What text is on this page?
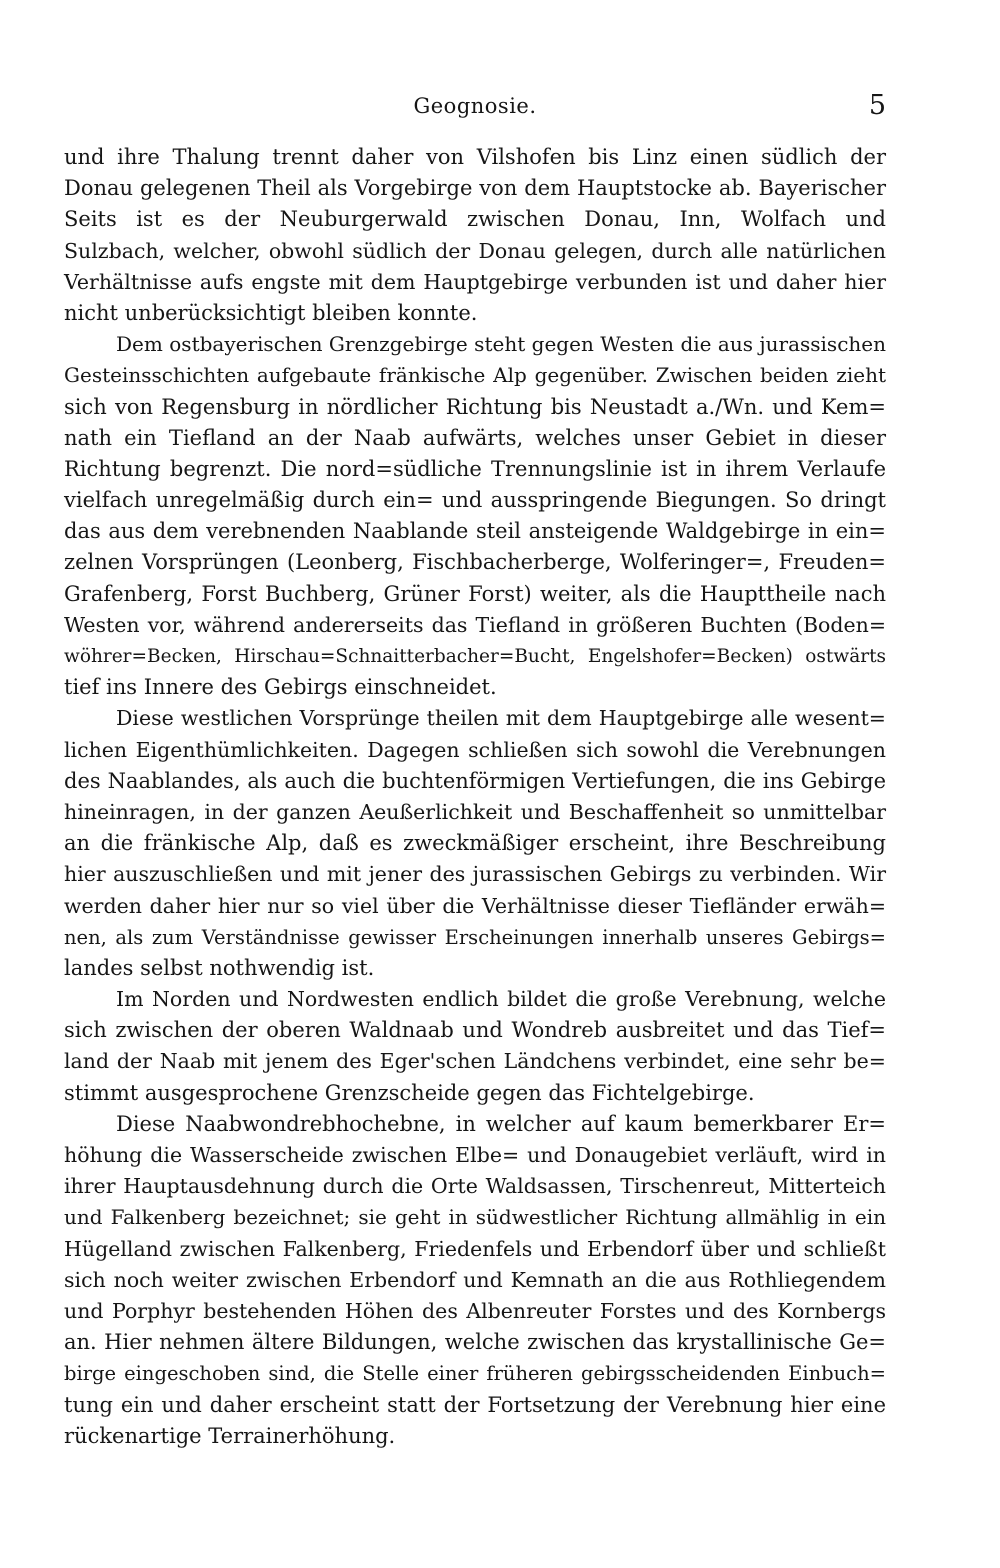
Geognosie.	5
und ihre Thalung trennt daher von Vilshofen bis Linz einen südlich der
Donau gelegenen Theil als Vorgebirge von dem Hauptstocke ab. Bayerischer
Seits ist es der Neuburgerwald zwischen Donau, Inn, Wolfach und
Sulzbach, welcher, obwohl südlich der Donau gelegen, durch alle natürlichen
Verhältnisse aufs engste mit dem Hauptgebirge verbunden ist und daher hier
nicht unberücksichtigt bleiben konnte.
Dem ostbayerischen Grenzgebirge steht gegen Westen die aus jurassischen
Gesteinsschichten aufgebaute fränkische Alp gegenüber. Zwischen beiden zieht
sich von Regensburg in nördlicher Richtung bis Neustadt a./Wn. und Kem=
nath ein Tiefland an der Naab aufwärts, welches unser Gebiet in dieser
Richtung begrenzt. Die nord=südliche Trennungslinie ist in ihrem Verlaufe
vielfach unregelmäßig durch ein= und ausspringende Biegungen. So dringt
das aus dem verebnenden Naablande steil ansteigende Waldgebirge in ein=
zelnen Vorsprüngen (Leonberg, Fischbacherberge, Wolferinger=, Freuden=
Grafenberg, Forst Buchberg, Grüner Forst) weiter, als die Haupttheile nach
Westen vor, während andererseits das Tiefland in größeren Buchten (Boden=
wöhrer=Becken, Hirschau=Schnaitterbacher=Bucht, Engelshofer=Becken) ostwärts
tief ins Innere des Gebirgs einschneidet.
Diese westlichen Vorsprünge theilen mit dem Hauptgebirge alle wesent=
lichen Eigenthümlichkeiten. Dagegen schließen sich sowohl die Verebnungen
des Naablandes, als auch die buchtenförmigen Vertiefungen, die ins Gebirge
hineinragen, in der ganzen Aeußerlichkeit und Beschaffenheit so unmittelbar
an die fränkische Alp, daß es zweckmäßiger erscheint, ihre Beschreibung
hier auszuschließen und mit jener des jurassischen Gebirgs zu verbinden. Wir
werden daher hier nur so viel über die Verhältnisse dieser Tiefländer erwäh=
nen, als zum Verständnisse gewisser Erscheinungen innerhalb unseres Gebirgs=
landes selbst nothwendig ist.
Im Norden und Nordwesten endlich bildet die große Verebnung, welche
sich zwischen der oberen Waldnaab und Wondreb ausbreitet und das Tief=
land der Naab mit jenem des Eger'schen Ländchens verbindet, eine sehr be=
stimmt ausgesprochene Grenzscheide gegen das Fichtelgebirge.
Diese Naabwondrebhochebne, in welcher auf kaum bemerkbarer Er=
höhung die Wasserscheide zwischen Elbe= und Donaugebiet verläuft, wird in
ihrer Hauptausdehnung durch die Orte Waldsassen, Tirschenreut, Mitterteich
und Falkenberg bezeichnet; sie geht in südwestlicher Richtung allmählig in ein
Hügelland zwischen Falkenberg, Friedenfels und Erbendorf über und schließt
sich noch weiter zwischen Erbendorf und Kemnath an die aus Rothliegendem
und Porphyr bestehenden Höhen des Albenreuter Forstes und des Kornbergs
an. Hier nehmen ältere Bildungen, welche zwischen das krystallinische Ge=
birge eingeschoben sind, die Stelle einer früheren gebirgsscheidenden Einbuch=
tung ein und daher erscheint statt der Fortsetzung der Verebnung hier eine
rückenartige Terrainerhöhung.
